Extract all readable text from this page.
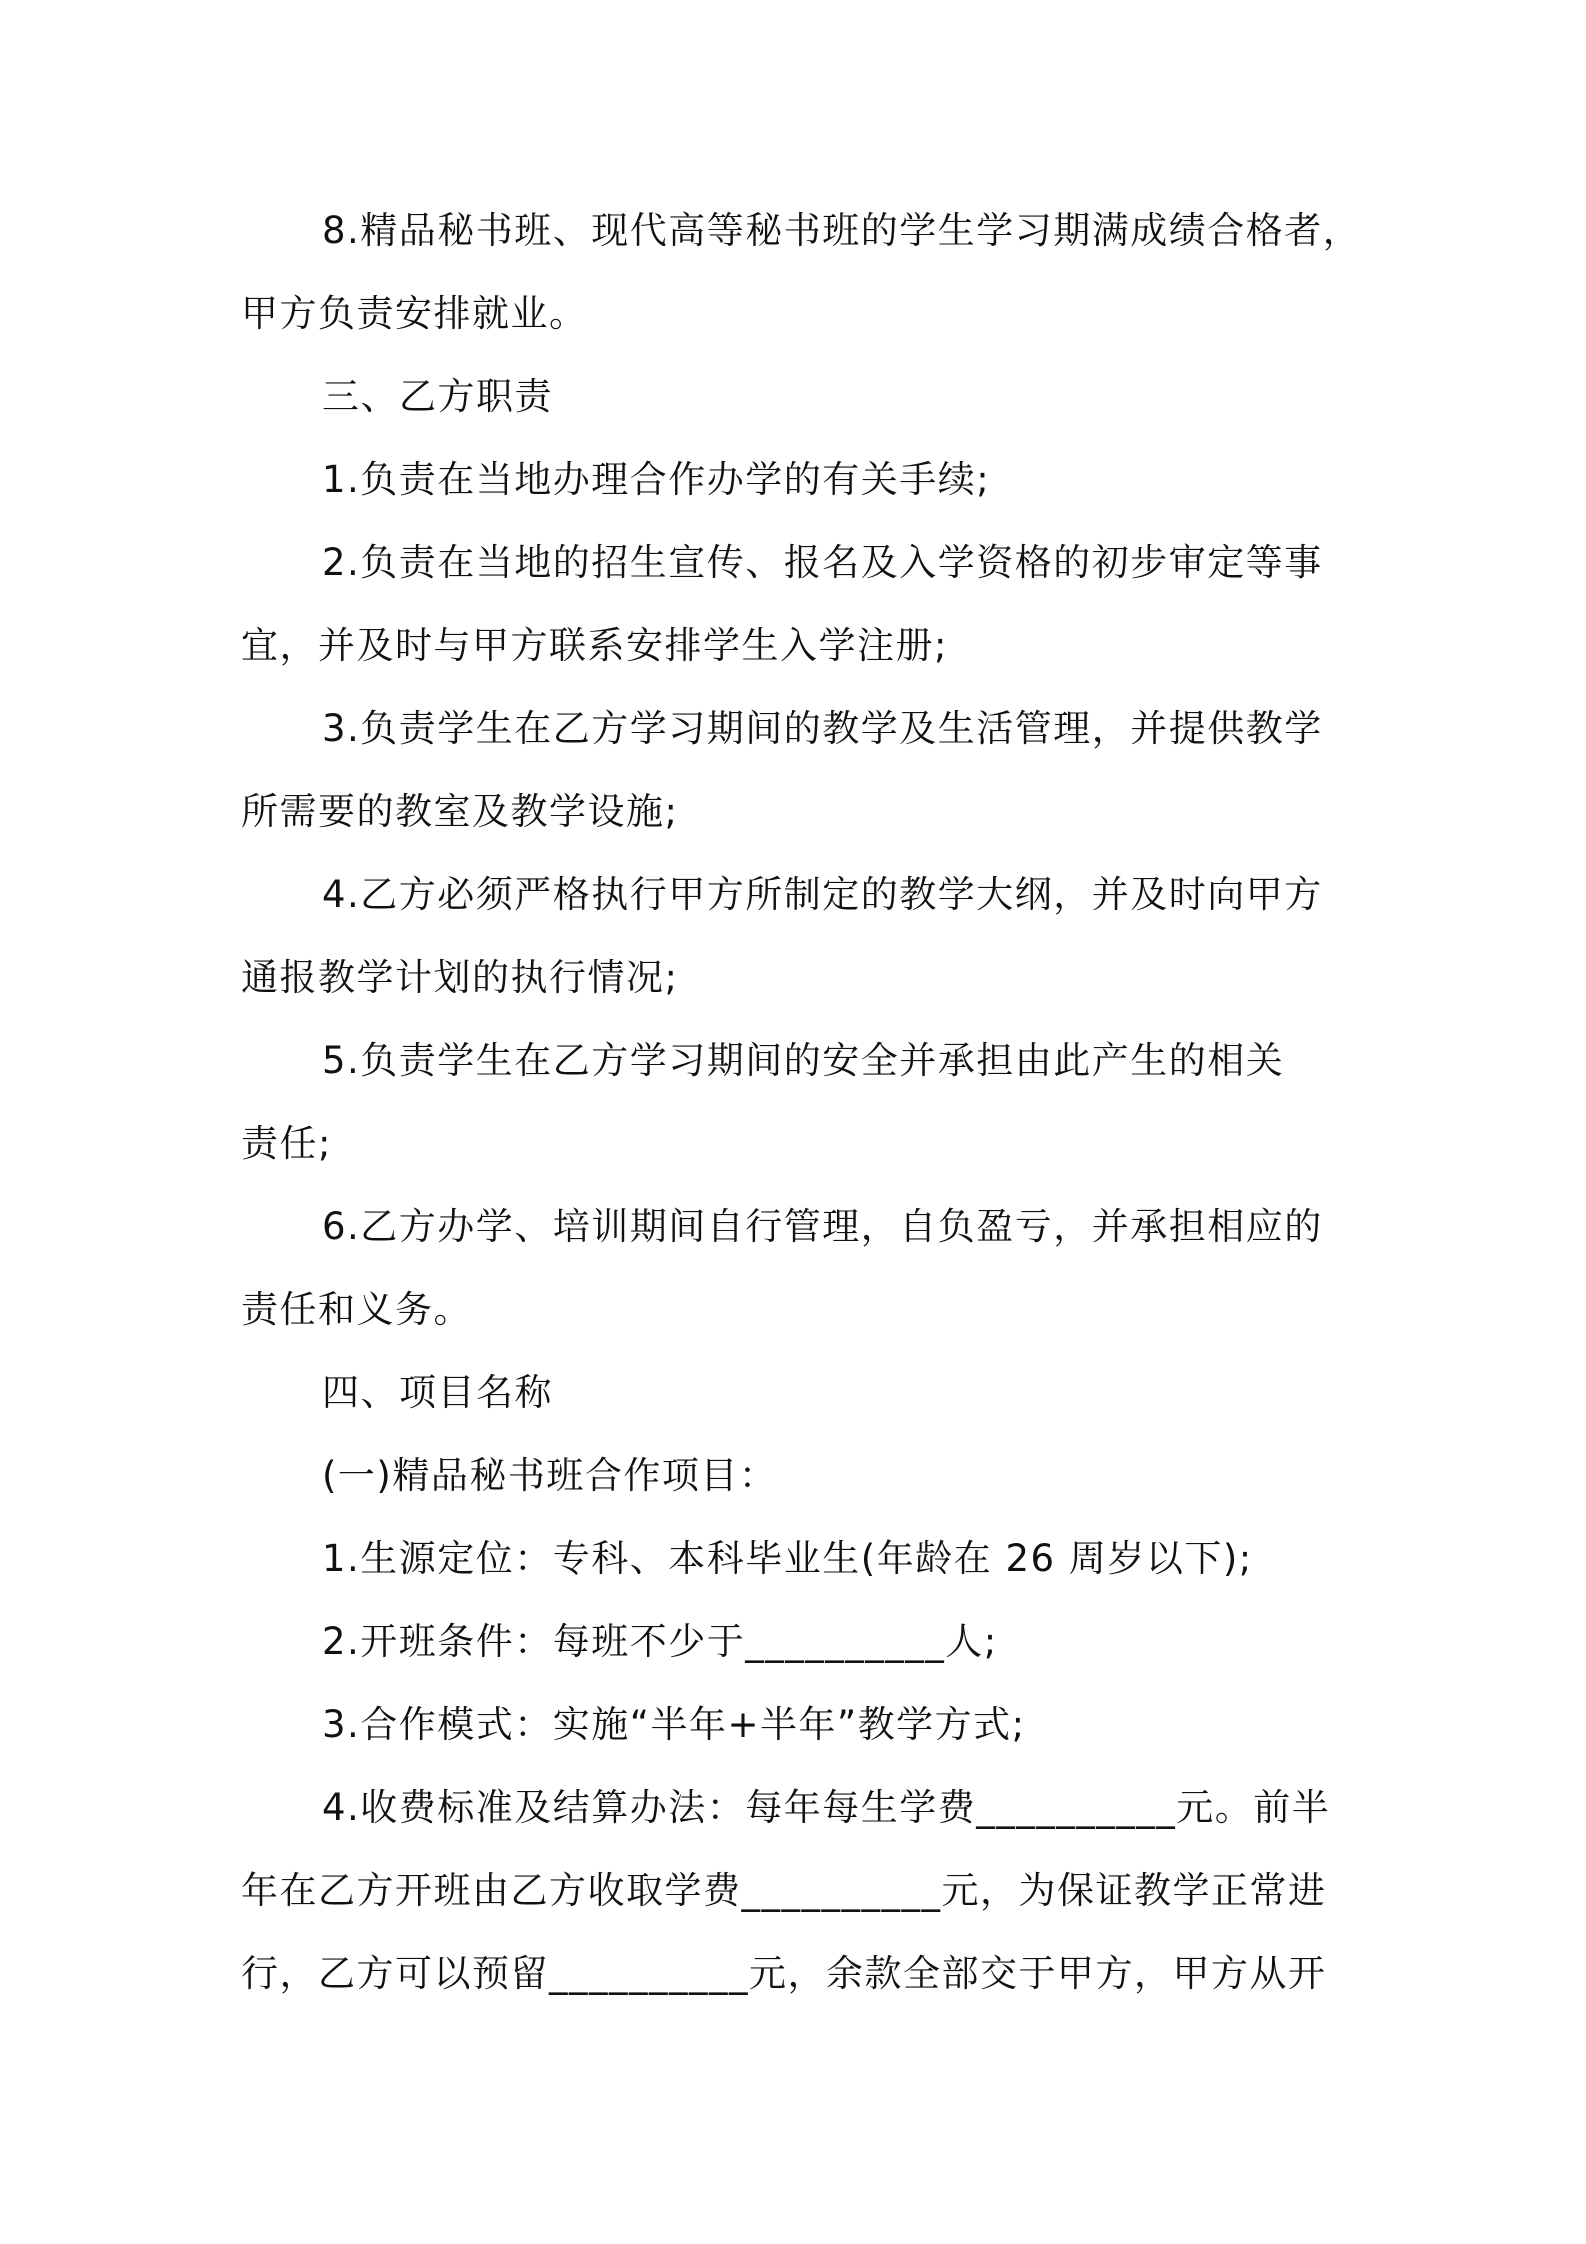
8.精品秘书班、现代高等秘书班的学生学习期满成绩合格者，
甲方负责安排就业。
三、乙方职责
1.负责在当地办理合作办学的有关手续;
2.负责在当地的招生宣传、报名及入学资格的初步审定等事
宜，并及时与甲方联系安排学生入学注册;
3.负责学生在乙方学习期间的教学及生活管理，并提供教学
所需要的教室及教学设施;
4.乙方必须严格执行甲方所制定的教学大纲，并及时向甲方
通报教学计划的执行情况;
5.负责学生在乙方学习期间的安全并承担由此产生的相关
责任;
6.乙方办学、培训期间自行管理，自负盈亏，并承担相应的
责任和义务。
四、项目名称
(一)精品秘书班合作项目：
1.生源定位：专科、本科毕业生(年龄在 26 周岁以下);
2.开班条件：每班不少于__________人;
3.合作模式：实施“半年+半年”教学方式;
4.收费标准及结算办法：每年每生学费__________元。前半
年在乙方开班由乙方收取学费__________元，为保证教学正常进
行，乙方可以预留__________元，余款全部交于甲方，甲方从开
